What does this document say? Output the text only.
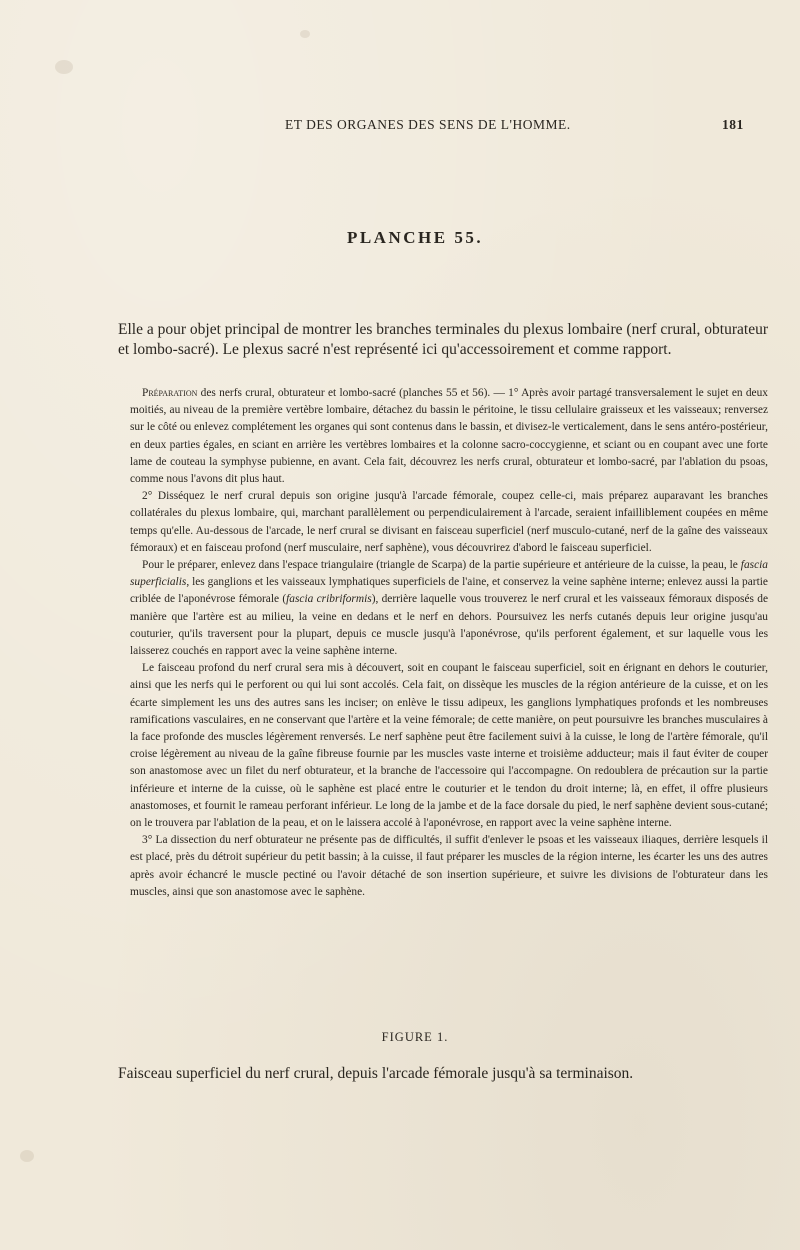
ET DES ORGANES DES SENS DE L'HOMME.	181
PLANCHE 55.
Elle a pour objet principal de montrer les branches terminales du plexus lombaire (nerf crural, obturateur et lombo-sacré). Le plexus sacré n'est représenté ici qu'accessoirement et comme rapport.

Préparation des nerfs crural, obturateur et lombo-sacré (planches 55 et 56). — 1° Après avoir partagé transversalement le sujet en deux moitiés, au niveau de la première vertèbre lombaire, détachez du bassin le péritoine, le tissu cellulaire graisseux et les vaisseaux; renversez sur le côté ou enlevez complétement les organes qui sont contenus dans le bassin, et divisez-le verticalement, dans le sens antéro-postérieur, en deux parties égales, en sciant en arrière les vertèbres lombaires et la colonne sacro-coccygienne, et sciant ou en coupant avec une forte lame de couteau la symphyse pubienne, en avant. Cela fait, découvrez les nerfs crural, obturateur et lombo-sacré, par l'ablation du psoas, comme nous l'avons dit plus haut.

2° Disséquez le nerf crural depuis son origine jusqu'à l'arcade fémorale, coupez celle-ci, mais préparez auparavant les branches collatérales du plexus lombaire, qui, marchant parallèlement ou perpendiculairement à l'arcade, seraient infailliblement coupées en même temps qu'elle. Au-dessous de l'arcade, le nerf crural se divisant en faisceau superficiel (nerf musculo-cutané, nerf de la gaîne des vaisseaux fémoraux) et en faisceau profond (nerf musculaire, nerf saphène), vous découvrirez d'abord le faisceau superficiel.

Pour le préparer, enlevez dans l'espace triangulaire (triangle de Scarpa) de la partie supérieure et antérieure de la cuisse, la peau, le fascia superficialis, les ganglions et les vaisseaux lymphatiques superficiels de l'aine, et conservez la veine saphène interne; enlevez aussi la partie criblée de l'aponévrose fémorale (fascia cribriformis), derrière laquelle vous trouverez le nerf crural et les vaisseaux fémoraux disposés de manière que l'artère est au milieu, la veine en dedans et le nerf en dehors. Poursuivez les nerfs cutanés depuis leur origine jusqu'au couturier, qu'ils traversent pour la plupart, depuis ce muscle jusqu'à l'aponévrose, qu'ils perforent également, et sur laquelle vous les laisserez couchés en rapport avec la veine saphène interne.

Le faisceau profond du nerf crural sera mis à découvert, soit en coupant le faisceau superficiel, soit en érignant en dehors le couturier, ainsi que les nerfs qui le perforent ou qui lui sont accolés. Cela fait, on dissèque les muscles de la région antérieure de la cuisse, et on les écarte simplement les uns des autres sans les inciser; on enlève le tissu adipeux, les ganglions lymphatiques profonds et les nombreuses ramifications vasculaires, en ne conservant que l'artère et la veine fémorale; de cette manière, on peut poursuivre les branches musculaires à la face profonde des muscles légèrement renversés. Le nerf saphène peut être facilement suivi à la cuisse, le long de l'artère fémorale, qu'il croise légèrement au niveau de la gaîne fibreuse fournie par les muscles vaste interne et troisième adducteur; mais il faut éviter de couper son anastomose avec un filet du nerf obturateur, et la branche de l'accessoire qui l'accompagne. On redoublera de précaution sur la partie inférieure et interne de la cuisse, où le saphène est placé entre le couturier et le tendon du droit interne; là, en effet, il offre plusieurs anastomoses, et fournit le rameau perforant inférieur. Le long de la jambe et de la face dorsale du pied, le nerf saphène devient sous-cutané; on le trouvera par l'ablation de la peau, et on le laissera accolé à l'aponévrose, en rapport avec la veine saphène interne.

3° La dissection du nerf obturateur ne présente pas de difficultés, il suffit d'enlever le psoas et les vaisseaux iliaques, derrière lesquels il est placé, près du détroit supérieur du petit bassin; à la cuisse, il faut préparer les muscles de la région interne, les écarter les uns des autres après avoir échancré le muscle pectiné ou l'avoir détaché de son insertion supérieure, et suivre les divisions de l'obturateur dans les muscles, ainsi que son anastomose avec le saphène.

FIGURE 1.
Faisceau superficiel du nerf crural, depuis l'arcade fémorale jusqu'à sa terminaison.
